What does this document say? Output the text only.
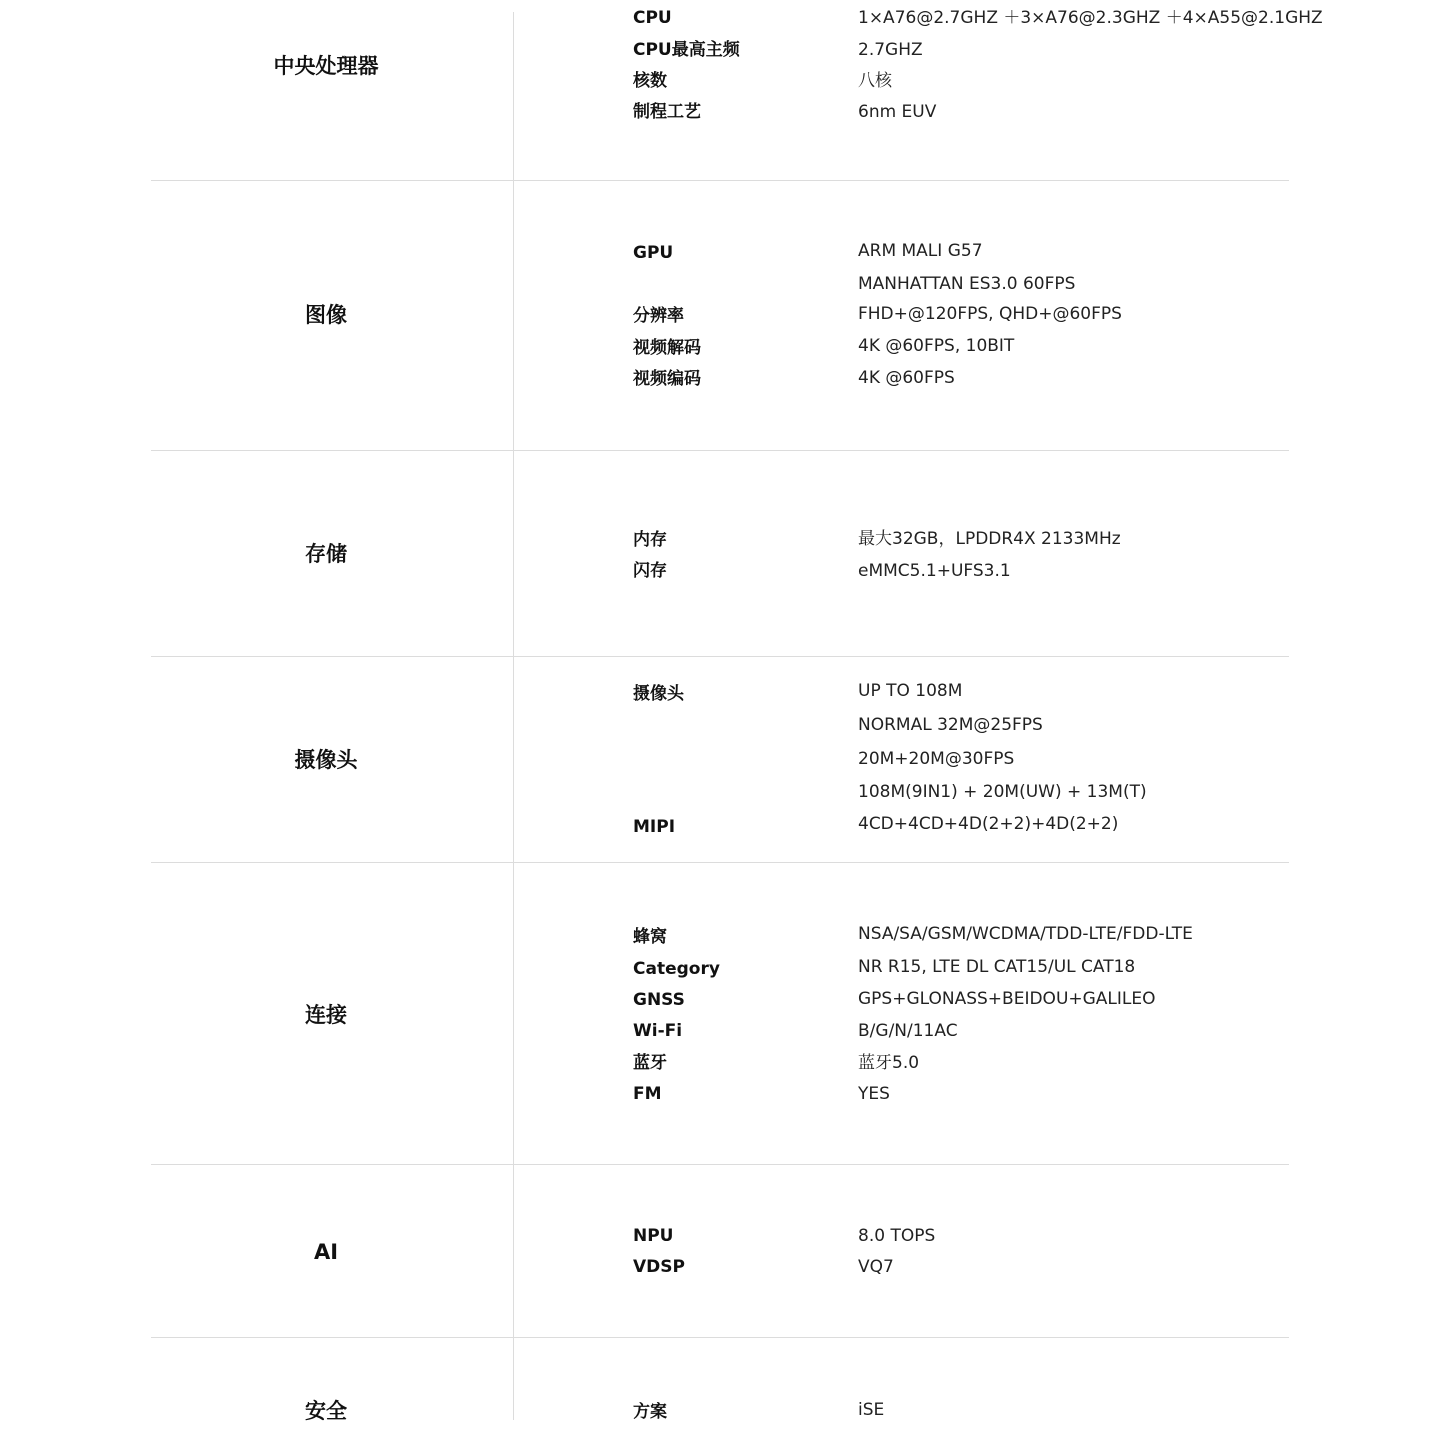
中央处理器
CPU	1×A76@2.7GHZ ＋3×A76@2.3GHZ ＋4×A55@2.1GHZ
CPU最高主频	2.7GHZ
核数	八核
制程工艺	6nm EUV
图像
GPU	ARM MALI G57
MANHATTAN ES3.0 60FPS
分辨率	FHD+@120FPS, QHD+@60FPS
视频解码	4K @60FPS, 10BIT
视频编码	4K @60FPS
存储
内存	最大32GB，LPDDR4X 2133MHz
闪存	eMMC5.1+UFS3.1
摄像头
摄像头	UP TO 108M
NORMAL 32M@25FPS
20M+20M@30FPS
108M(9IN1) + 20M(UW) + 13M(T)
MIPI	4CD+4CD+4D(2+2)+4D(2+2)
连接
蜂窝	NSA/SA/GSM/WCDMA/TDD-LTE/FDD-LTE
Category	NR R15, LTE DL CAT15/UL CAT18
GNSS	GPS+GLONASS+BEIDOU+GALILEO
Wi-Fi	B/G/N/11AC
蓝牙	蓝牙5.0
FM	YES
AI
NPU	8.0 TOPS
VDSP	VQ7
安全	方案	iSE
